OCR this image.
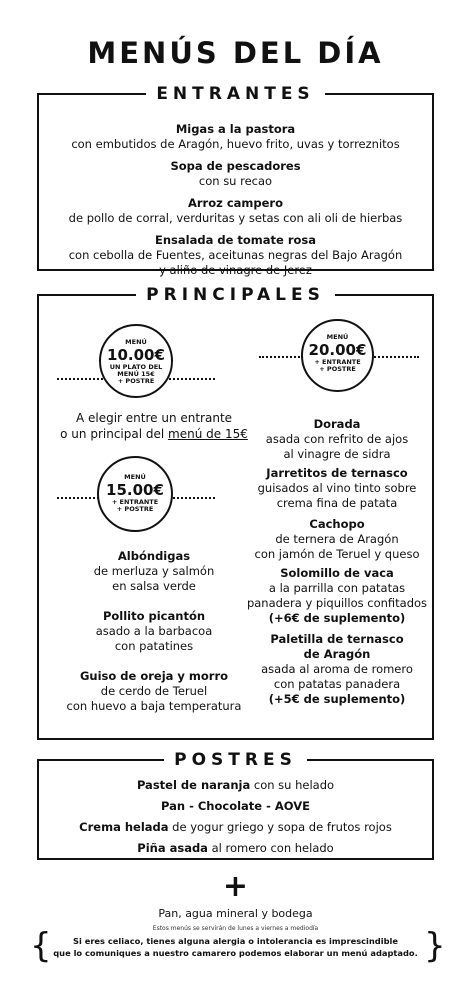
MENÚS DEL DÍA
ENTRANTES
Migas a la pastora
con embutidos de Aragón, huevo frito, uvas y torreznitos
Sopa de pescadores
con su recao
Arroz campero
de pollo de corral, verduritas y setas con ali oli de hierbas
Ensalada de tomate rosa
con cebolla de Fuentes, aceitunas negras del Bajo Aragón
y aliño de vinagre de Jerez
PRINCIPALES
MENÚ
10.00€
UN PLATO DEL
MENÚ 15€
+ POSTRE
MENÚ
20.00€
+ ENTRANTE
+ POSTRE
A elegir entre un entrante
o un principal del menú de 15€
MENÚ
15.00€
+ ENTRANTE
+ POSTRE
Albóndigas
de merluza y salmón
en salsa verde
Pollito picantón
asado a la barbacoa
con patatines
Guiso de oreja y morro
de cerdo de Teruel
con huevo a baja temperatura
Dorada
asada con refrito de ajos
al vinagre de sidra
Jarretitos de ternasco
guisados al vino tinto sobre
crema fina de patata
Cachopo
de ternera de Aragón
con jamón de Teruel y queso
Solomillo de vaca
a la parrilla con patatas
panadera y piquillos confitados
(+6€ de suplemento)
Paletilla de ternasco
de Aragón
asada al aroma de romero
con patatas panadera
(+5€ de suplemento)
POSTRES
Pastel de naranja con su helado
Pan - Chocolate - AOVE
Crema helada de yogur griego y sopa de frutos rojos
Piña asada al romero con helado
+
Pan, agua mineral y bodega
Estos menús se servirán de lunes a viernes a mediodía
{	Si eres celiaco, tienes alguna alergia o intolerancia es imprescindible
que lo comuniques a nuestro camarero podemos elaborar un menú adaptado. }
